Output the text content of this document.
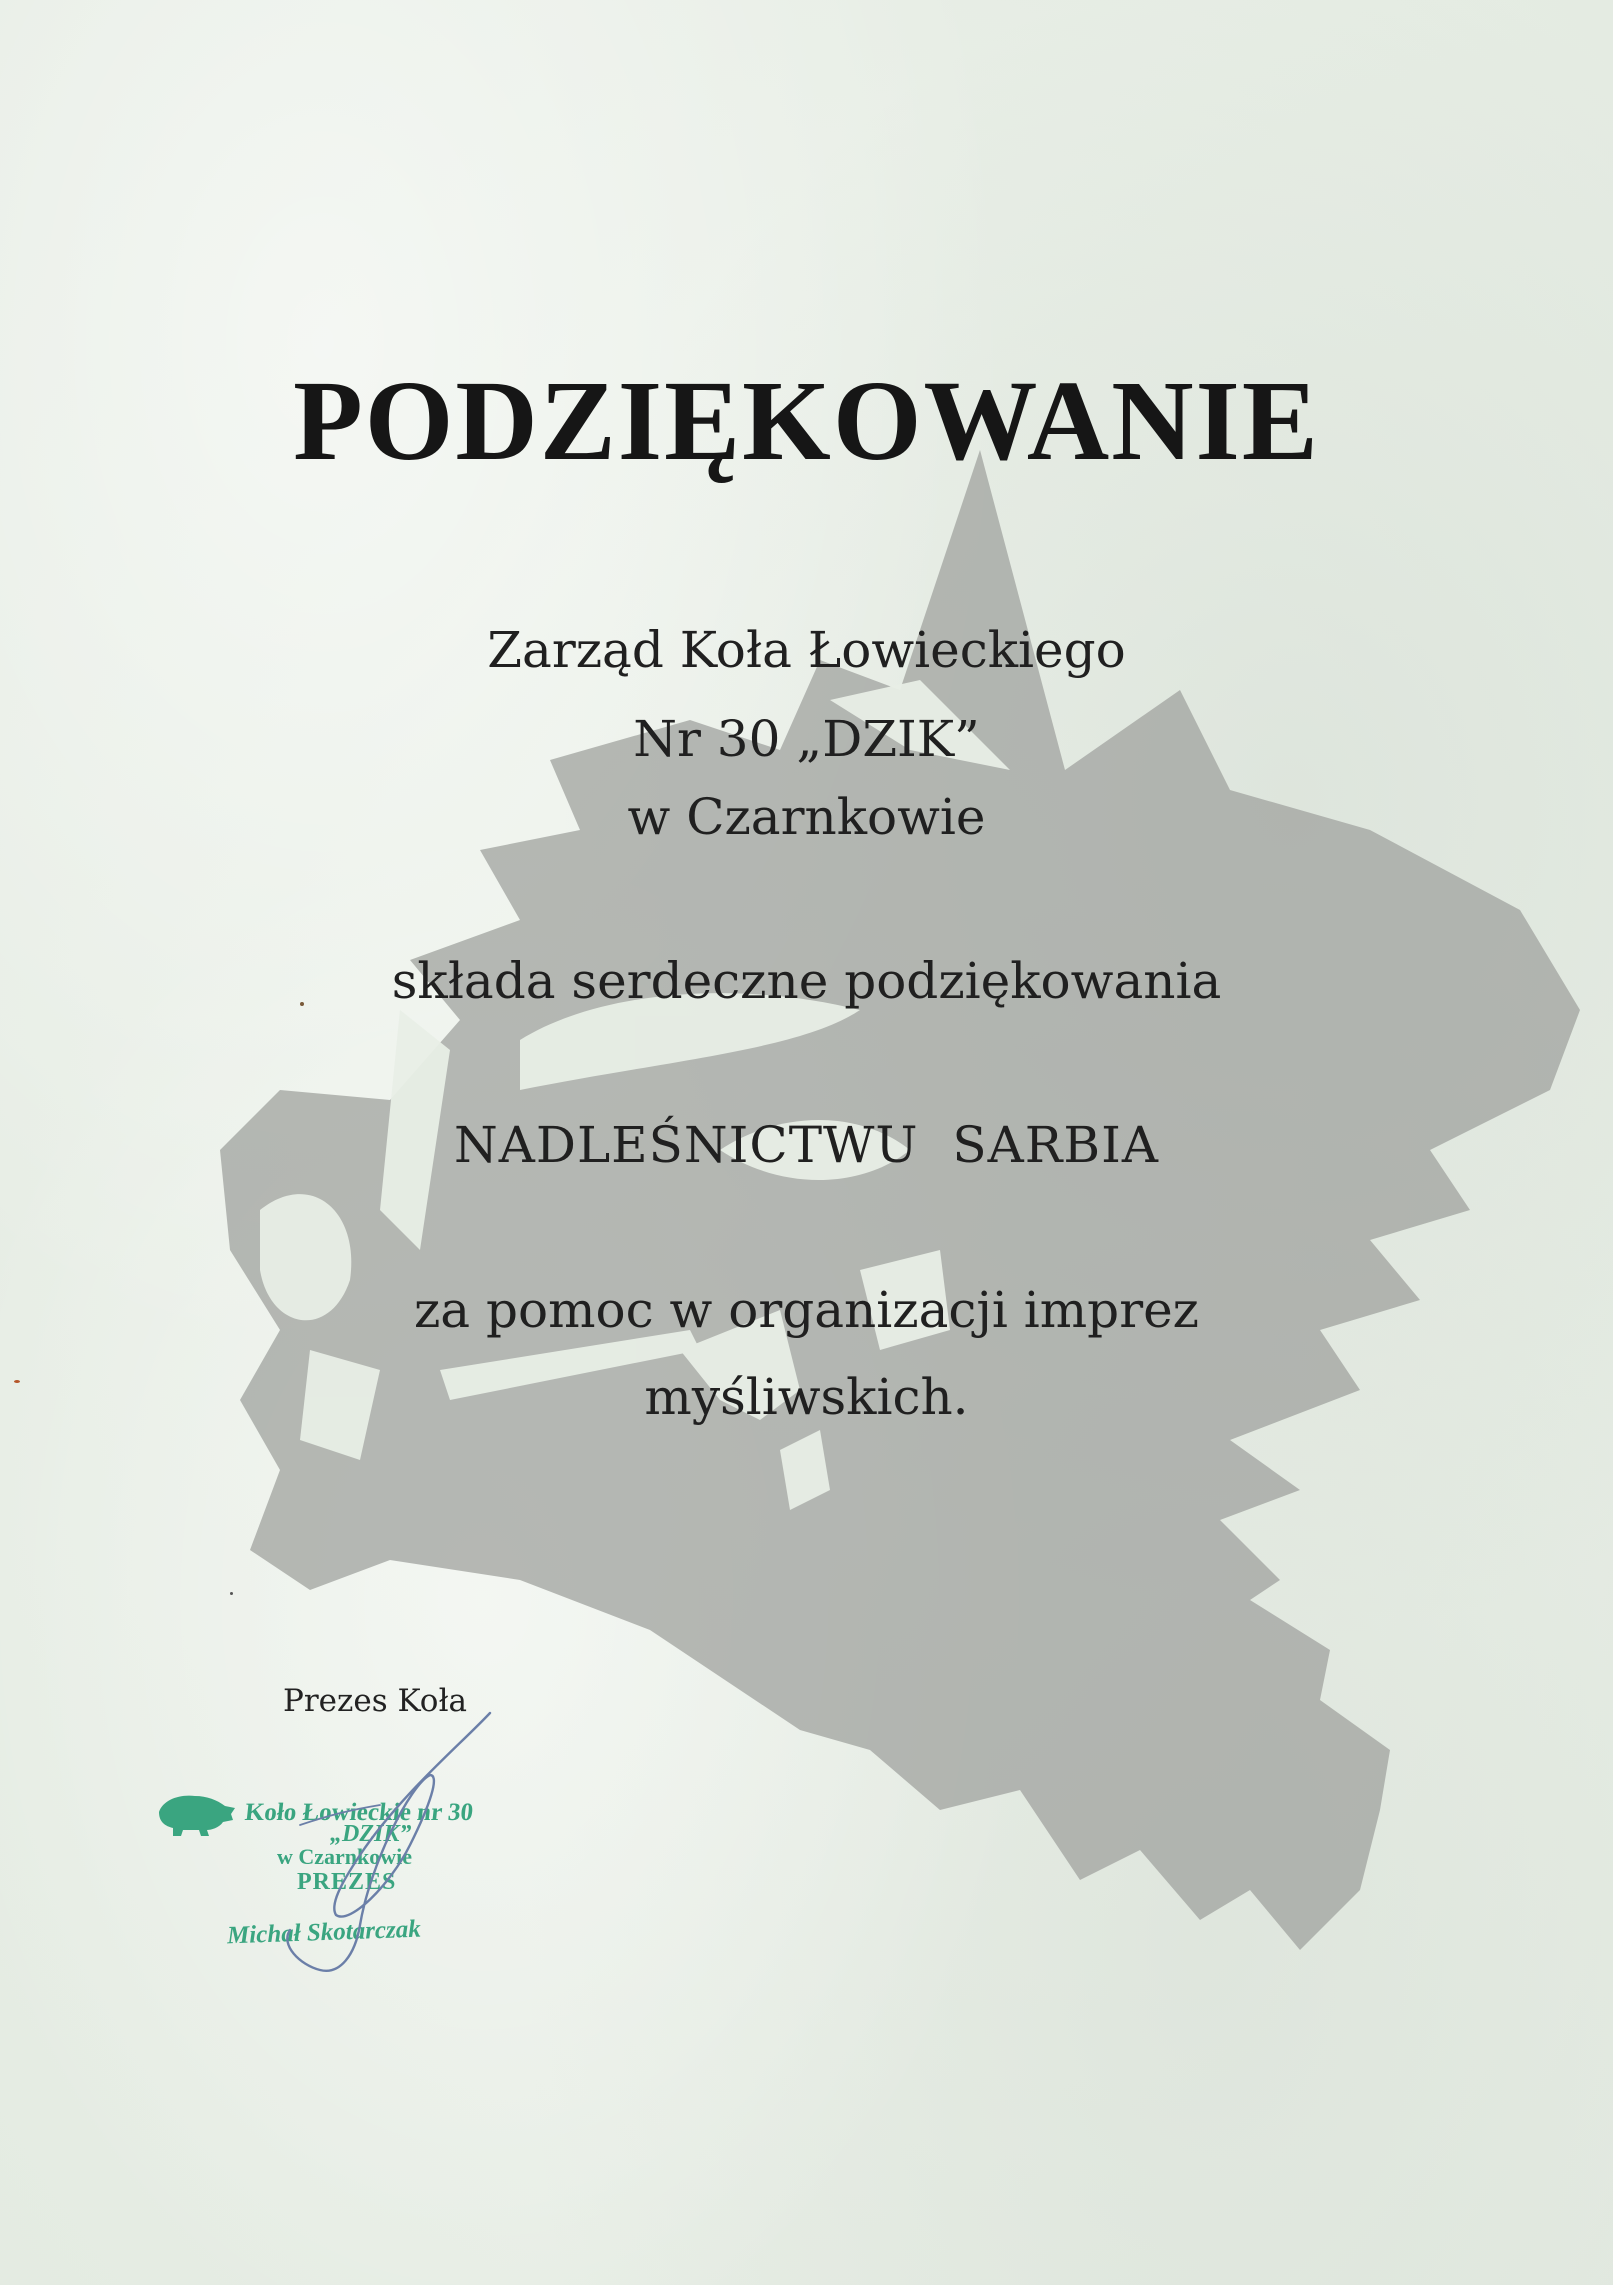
PODZIĘKOWANIE

Zarząd Koła Łowieckiego

Nr 30 „DZIK”

w Czarnkowie

składa serdeczne podziękowania

NADLEŚNICTWU  SARBIA

za pomoc w organizacji imprez

myśliwskich.

Prezes Koła

Koło Łowieckie nr 30
„DZIK”
w Czarnkowie
PREZES
Michał Skotarczak
